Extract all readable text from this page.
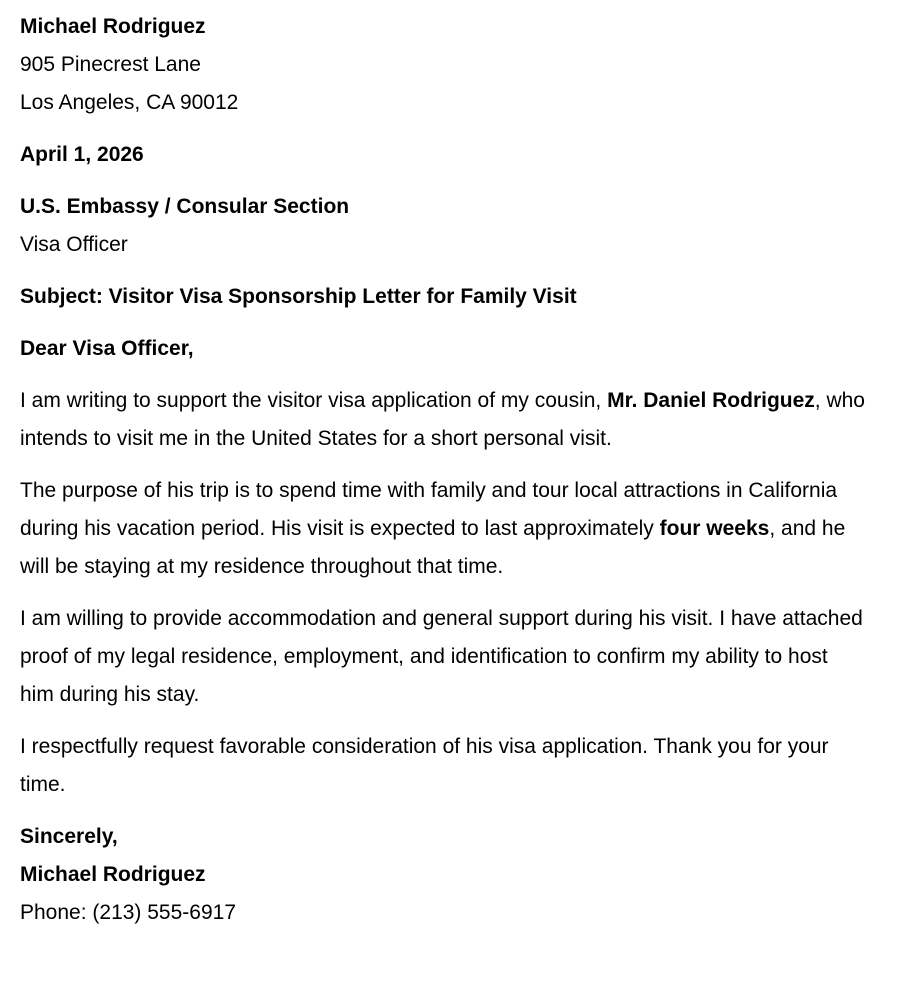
Michael Rodriguez

905 Pinecrest Lane

Los Angeles, CA 90012

April 1, 2026

U.S. Embassy / Consular Section

Visa Officer

Subject: Visitor Visa Sponsorship Letter for Family Visit

Dear Visa Officer,

I am writing to support the visitor visa application of my cousin, Mr. Daniel Rodriguez, who intends to visit me in the United States for a short personal visit.

The purpose of his trip is to spend time with family and tour local attractions in California during his vacation period. His visit is expected to last approximately four weeks, and he will be staying at my residence throughout that time.

I am willing to provide accommodation and general support during his visit. I have attached proof of my legal residence, employment, and identification to confirm my ability to host him during his stay.

I respectfully request favorable consideration of his visa application. Thank you for your time.

Sincerely,

Michael Rodriguez

Phone: (213) 555-6917
